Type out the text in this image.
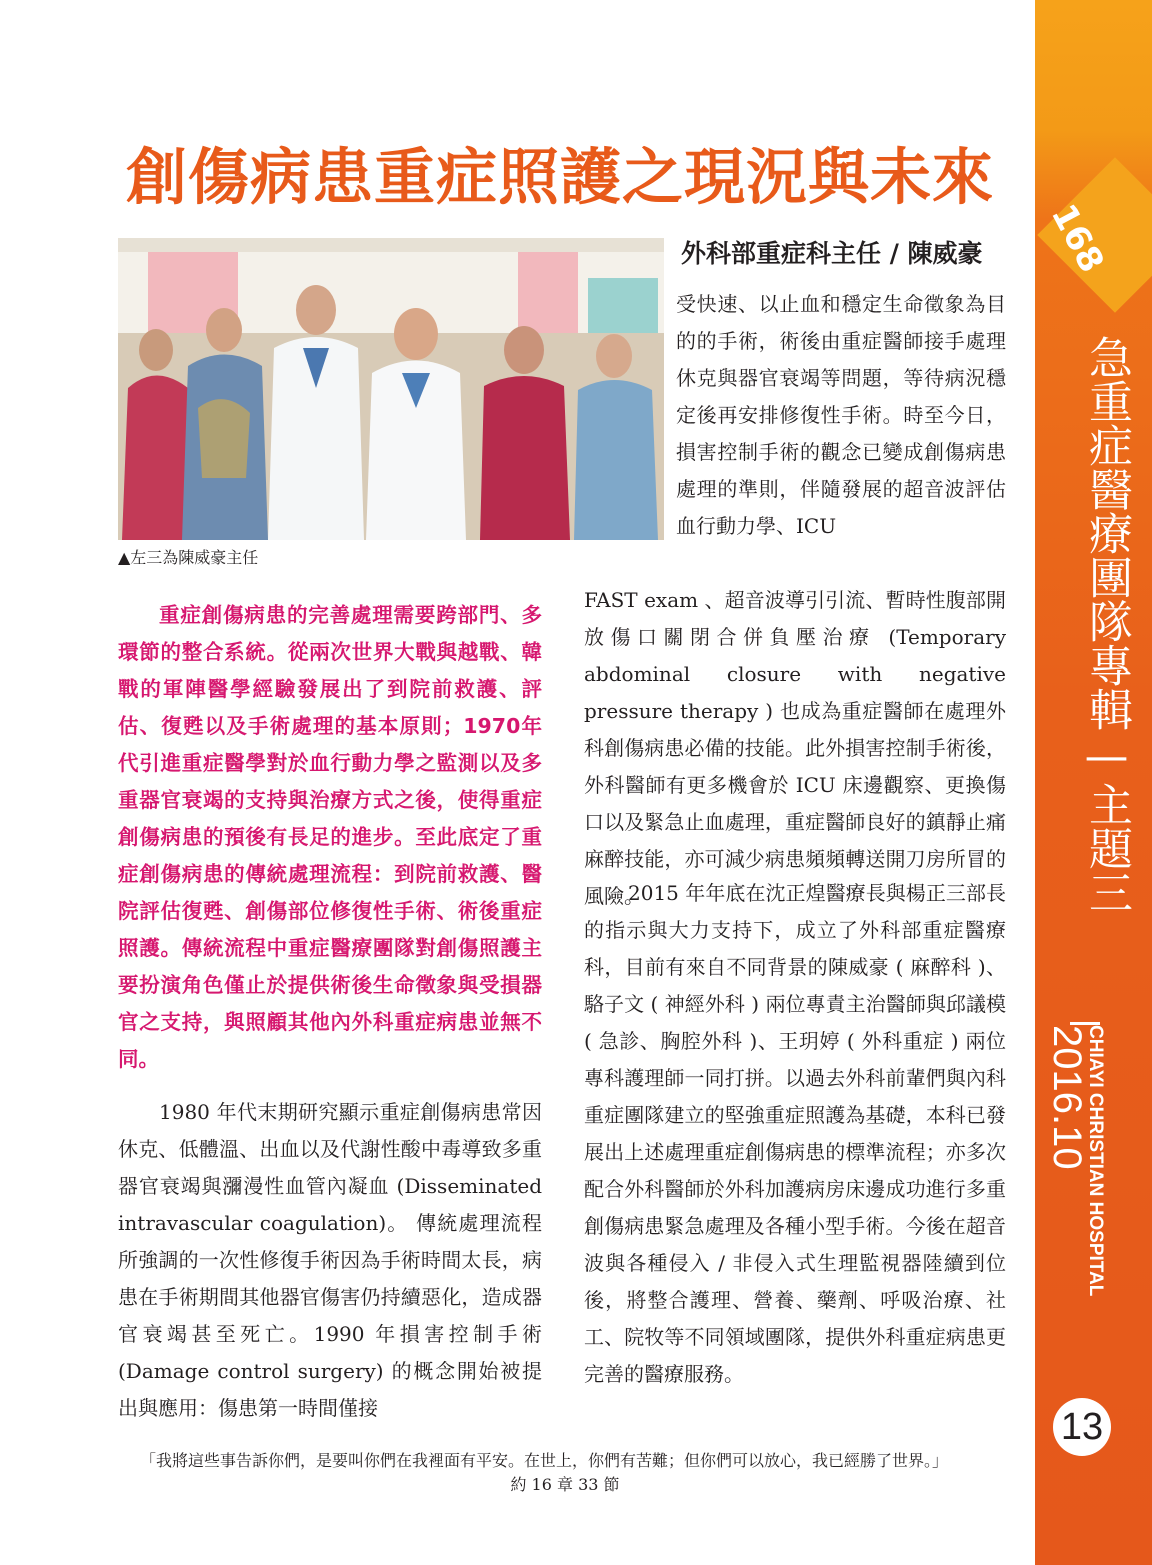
168
急重症醫療團隊專輯—主題三
2016.10
CHIAYI CHRISTIAN HOSPITAL
13
創傷病患重症照護之現況與未來
外科部重症科主任 / 陳威豪
▲左三為陳威豪主任

重症創傷病患的完善處理需要跨部門、多環節的整合系統。從兩次世界大戰與越戰、韓戰的軍陣醫學經驗發展出了到院前救護、評估、復甦以及手術處理的基本原則；1970年代引進重症醫學對於血行動力學之監測以及多重器官衰竭的支持與治療方式之後，使得重症創傷病患的預後有長足的進步。至此底定了重症創傷病患的傳統處理流程：到院前救護、醫院評估復甦、創傷部位修復性手術、術後重症照護。傳統流程中重症醫療團隊對創傷照護主要扮演角色僅止於提供術後生命徵象與受損器官之支持，與照顧其他內外科重症病患並無不同。

1980 年代末期研究顯示重症創傷病患常因休克、低體溫、出血以及代謝性酸中毒導致多重器官衰竭與瀰漫性血管內凝血 (Disseminated intravascular coagulation)。 傳統處理流程所強調的一次性修復手術因為手術時間太長，病患在手術期間其他器官傷害仍持續惡化，造成器官衰竭甚至死亡。1990 年損害控制手術 (Damage control surgery) 的概念開始被提出與應用：傷患第一時間僅接

受快速、以止血和穩定生命徵象為目的的手術，術後由重症醫師接手處理休克與器官衰竭等問題，等待病況穩定後再安排修復性手術。時至今日，損害控制手術的觀念已變成創傷病患處理的準則，伴隨發展的超音波評估血行動力學、ICU

FAST exam 、超音波導引引流、暫時性腹部開放傷口關閉合併負壓治療 (Temporary abdominal closure with negative pressure therapy ) 也成為重症醫師在處理外科創傷病患必備的技能。此外損害控制手術後，外科醫師有更多機會於 ICU 床邊觀察、更換傷口以及緊急止血處理，重症醫師良好的鎮靜止痛麻醉技能，亦可減少病患頻頻轉送開刀房所冒的風險。

2015 年年底在沈正煌醫療長與楊正三部長的指示與大力支持下，成立了外科部重症醫療科，目前有來自不同背景的陳威豪 ( 麻醉科 )、駱子文 ( 神經外科 ) 兩位專責主治醫師與邱議模 ( 急診、胸腔外科 )、王玥婷 ( 外科重症 ) 兩位專科護理師一同打拼。以過去外科前輩們與內科重症團隊建立的堅強重症照護為基礎，本科已發展出上述處理重症創傷病患的標準流程；亦多次配合外科醫師於外科加護病房床邊成功進行多重創傷病患緊急處理及各種小型手術。今後在超音波與各種侵入 / 非侵入式生理監視器陸續到位後，將整合護理、營養、藥劑、呼吸治療、社工、院牧等不同領域團隊，提供外科重症病患更完善的醫療服務。

「我將這些事告訴你們，是要叫你們在我裡面有平安。在世上，你們有苦難；但你們可以放心，我已經勝了世界。」
約 16 章 33 節
